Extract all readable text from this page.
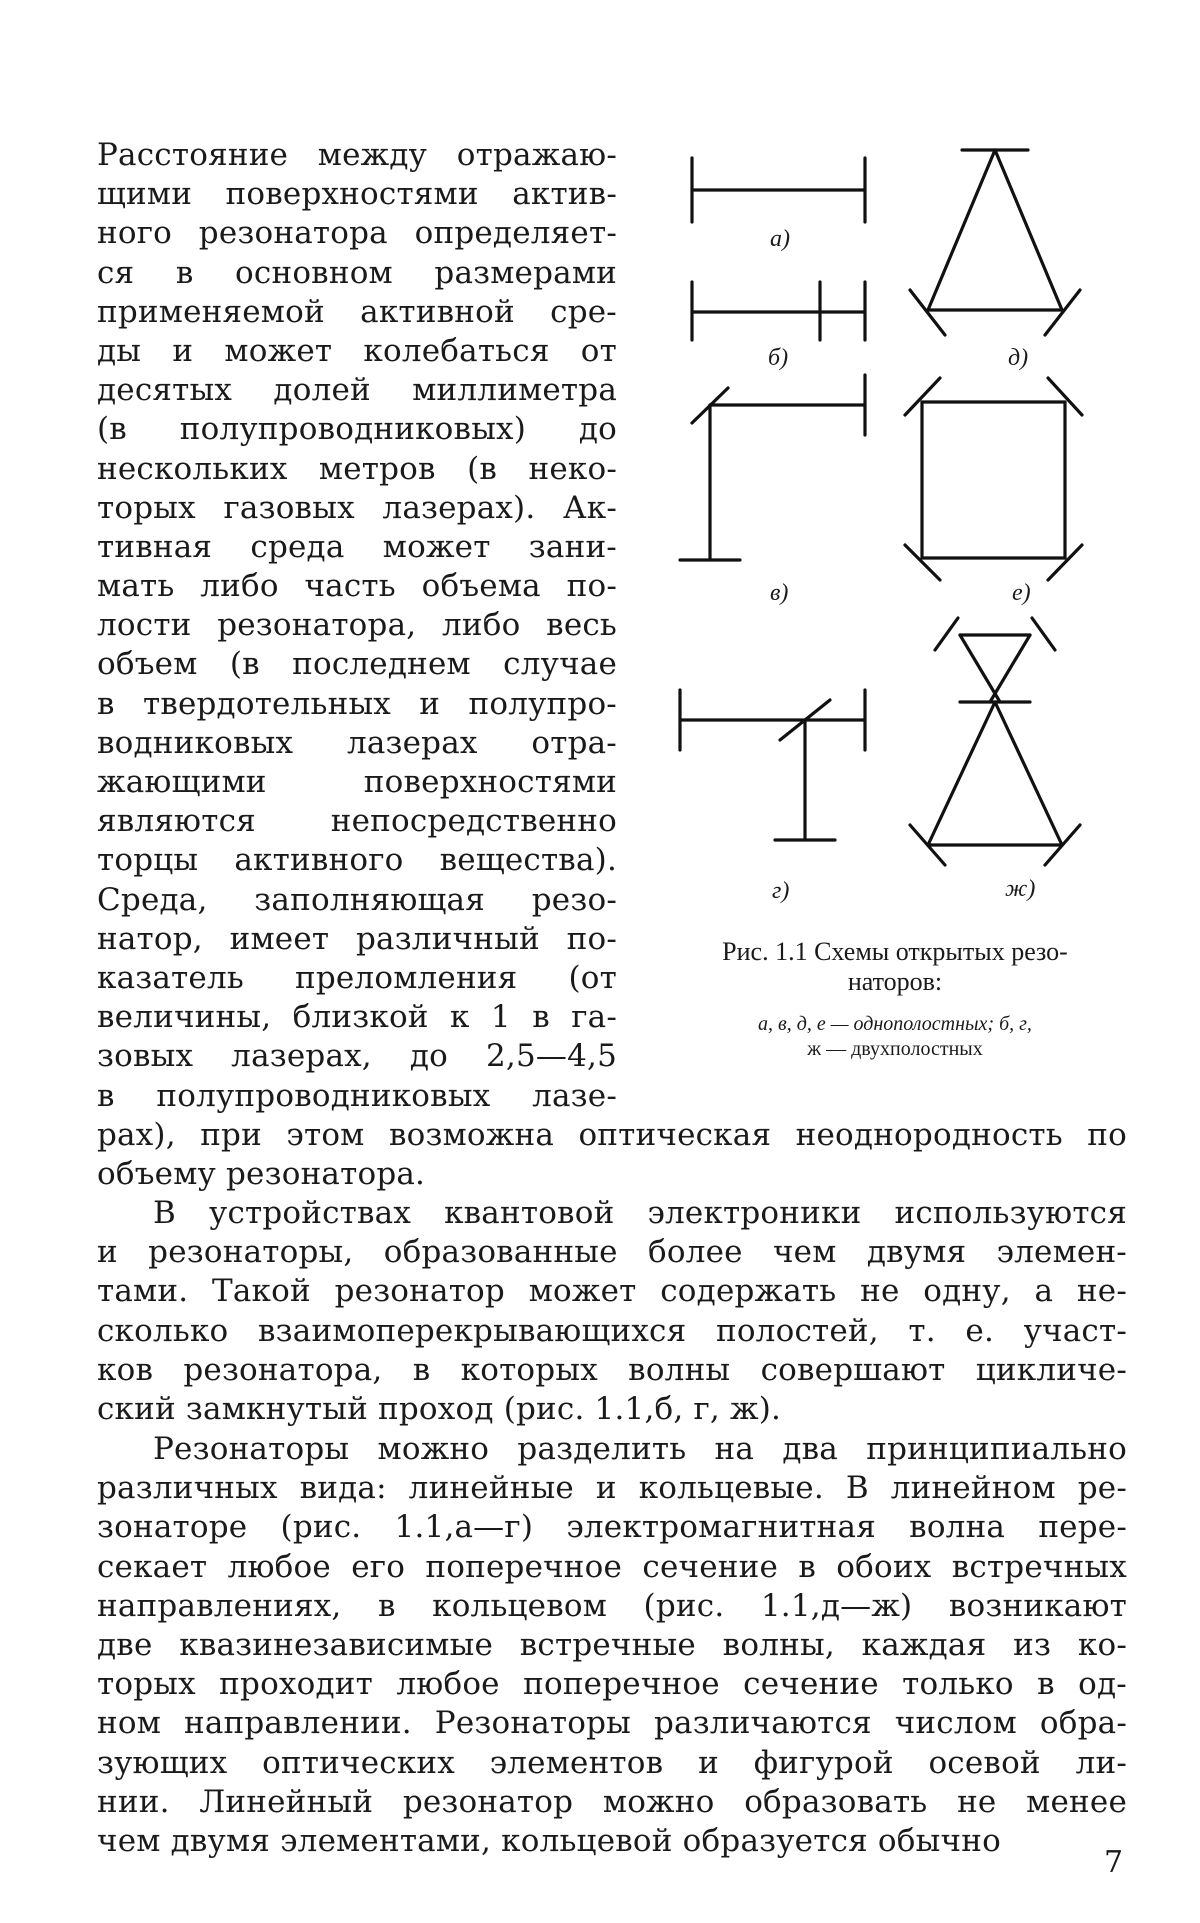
Расстояние между отражаю-
щими поверхностями актив-
ного резонатора определяет-
ся в основном размерами
применяемой активной сре-
ды и может колебаться от
десятых долей миллиметра
(в полупроводниковых) до
нескольких метров (в неко-
торых газовых лазерах). Ак-
тивная среда может зани-
мать либо часть объема по-
лости резонатора, либо весь
объем (в последнем случае
в твердотельных и полупро-
водниковых лазерах отра-
жающими поверхностями
являются непосредственно
торцы активного вещества).
Среда, заполняющая резо-
натор, имеет различный по-
казатель преломления (от
величины, близкой к 1 в га-
зовых лазерах, до 2,5—4,5
в полупроводниковых лазе-
а)
б)
в)
г)
д)
е)
ж)
Рис. 1.1 Схемы открытых резо-
наторов:
а, в, д, е — однополостных; б, г,
ж — двухполостных
рах), при этом возможна оптическая неоднородность по
объему резонатора.
В устройствах квантовой электроники используются
и резонаторы, образованные более чем двумя элемен-
тами. Такой резонатор может содержать не одну, а не-
сколько взаимоперекрывающихся полостей, т. е. участ-
ков резонатора, в которых волны совершают цикличе-
ский замкнутый проход (рис. 1.1,б, г, ж).
Резонаторы можно разделить на два принципиально
различных вида: линейные и кольцевые. В линейном ре-
зонаторе (рис. 1.1,а—г) электромагнитная волна пере-
секает любое его поперечное сечение в обоих встречных
направлениях, в кольцевом (рис. 1.1,д—ж) возникают
две квазинезависимые встречные волны, каждая из ко-
торых проходит любое поперечное сечение только в од-
ном направлении. Резонаторы различаются числом обра-
зующих оптических элементов и фигурой осевой ли-
нии. Линейный резонатор можно образовать не менее
чем двумя элементами, кольцевой образуется обычно
7
